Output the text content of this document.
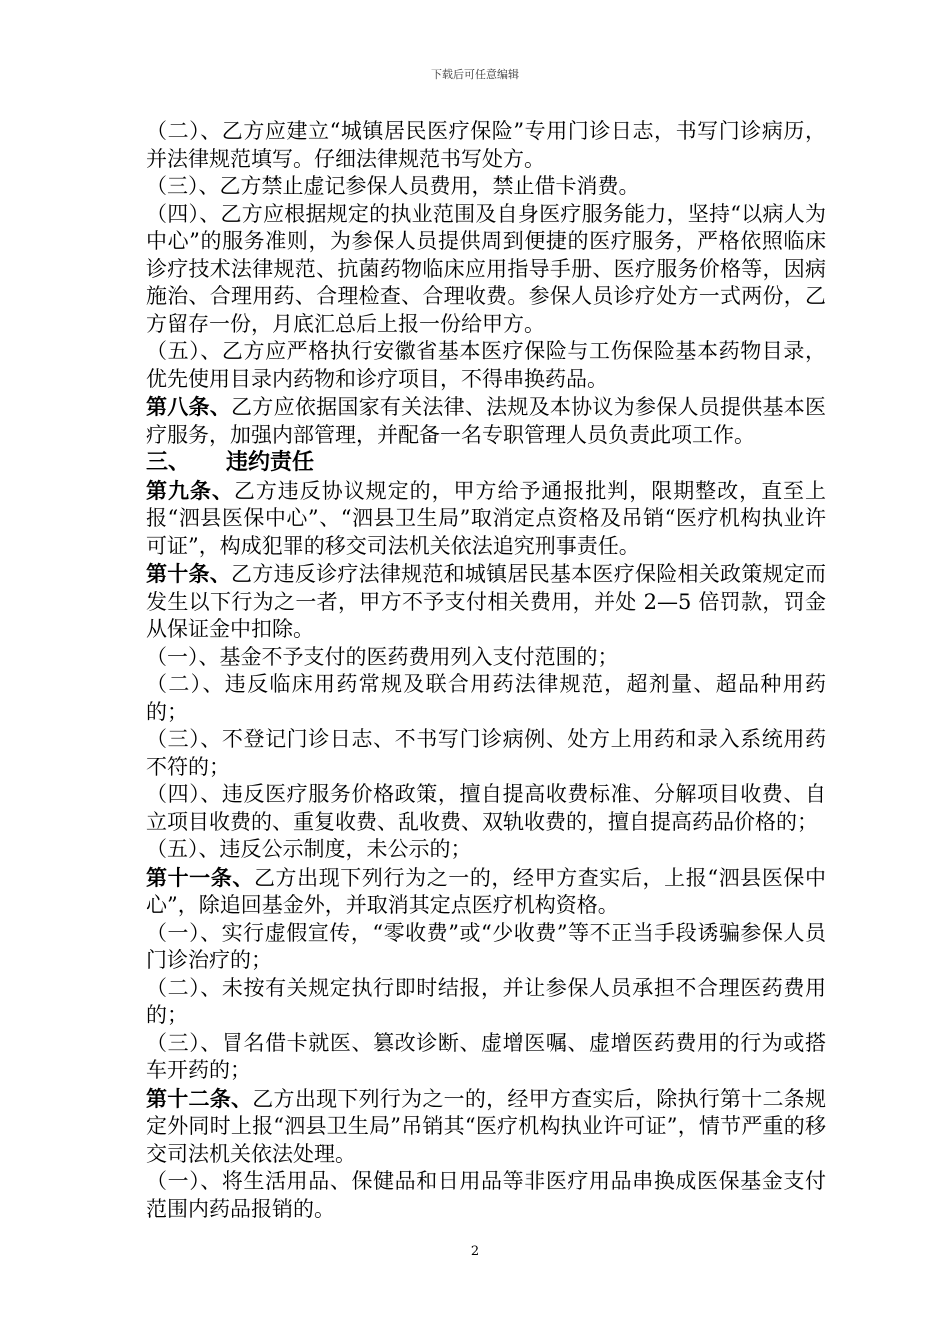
下载后可任意编辑

（二）、乙方应建立“城镇居民医疗保险”专用门诊日志，书写门诊病历，并法律规范填写。仔细法律规范书写处方。

（三）、乙方禁止虚记参保人员费用，禁止借卡消费。

（四）、乙方应根据规定的执业范围及自身医疗服务能力，坚持“以病人为中心”的服务准则，为参保人员提供周到便捷的医疗服务，严格依照临床诊疗技术法律规范、抗菌药物临床应用指导手册、医疗服务价格等，因病施治、合理用药、合理检查、合理收费。参保人员诊疗处方一式两份，乙方留存一份，月底汇总后上报一份给甲方。

（五）、乙方应严格执行安徽省基本医疗保险与工伤保险基本药物目录，优先使用目录内药物和诊疗项目，不得串换药品。

第八条、乙方应依据国家有关法律、法规及本协议为参保人员提供基本医疗服务，加强内部管理，并配备一名专职管理人员负责此项工作。

三、 违约责任

第九条、乙方违反协议规定的，甲方给予通报批判，限期整改，直至上报“泗县医保中心”、“泗县卫生局”取消定点资格及吊销“医疗机构执业许可证”，构成犯罪的移交司法机关依法追究刑事责任。

第十条、乙方违反诊疗法律规范和城镇居民基本医疗保险相关政策规定而发生以下行为之一者，甲方不予支付相关费用，并处 2—5 倍罚款，罚金从保证金中扣除。

（一）、基金不予支付的医药费用列入支付范围的；

（二）、违反临床用药常规及联合用药法律规范，超剂量、超品种用药的；

（三）、不登记门诊日志、不书写门诊病例、处方上用药和录入系统用药不符的；

（四）、违反医疗服务价格政策，擅自提高收费标准、分解项目收费、自立项目收费的、重复收费、乱收费、双轨收费的，擅自提高药品价格的；

（五）、违反公示制度，未公示的；

第十一条、乙方出现下列行为之一的，经甲方查实后，上报“泗县医保中心”，除追回基金外，并取消其定点医疗机构资格。

（一）、实行虚假宣传，“零收费”或“少收费”等不正当手段诱骗参保人员门诊治疗的；

（二）、未按有关规定执行即时结报，并让参保人员承担不合理医药费用的；

（三）、冒名借卡就医、篡改诊断、虚增医嘱、虚增医药费用的行为或搭车开药的；

第十二条、乙方出现下列行为之一的，经甲方查实后，除执行第十二条规定外同时上报“泗县卫生局”吊销其“医疗机构执业许可证”，情节严重的移交司法机关依法处理。

（一）、将生活用品、保健品和日用品等非医疗用品串换成医保基金支付范围内药品报销的。

2
